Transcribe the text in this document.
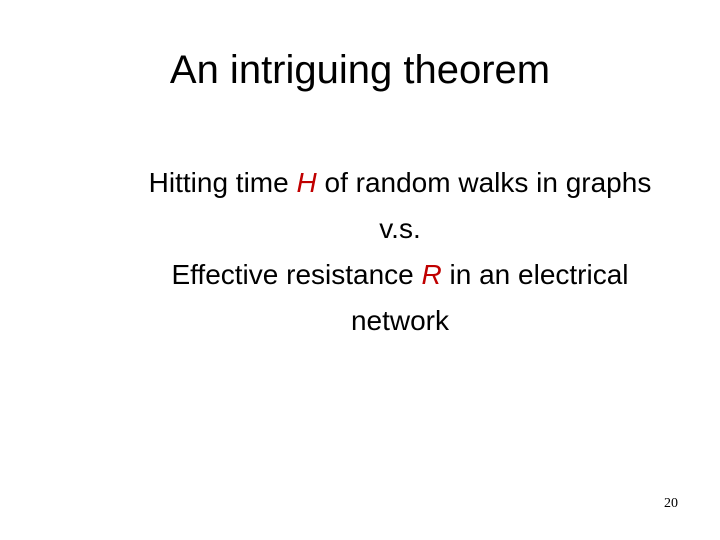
An intriguing theorem
Hitting time H of random walks in graphs
v.s.
Effective resistance R in an electrical
network
20
